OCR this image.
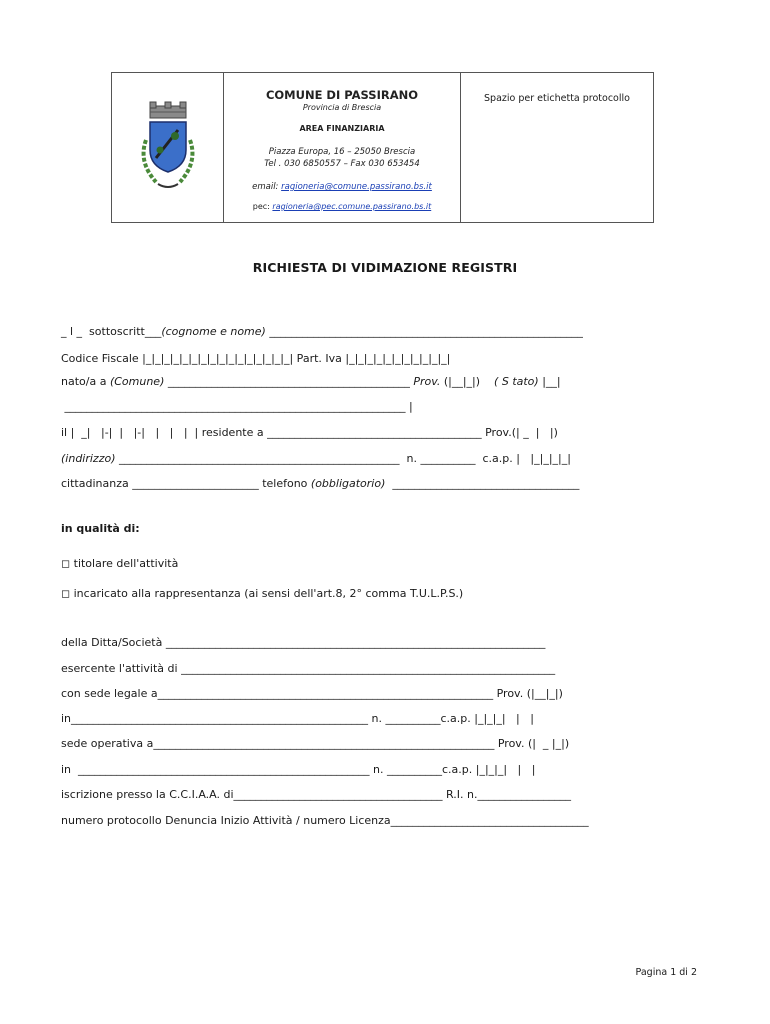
COMUNE DI PASSIRANO
Provincia di Brescia
AREA FINANZIARIA
Piazza Europa, 16 – 25050 Brescia
Tel . 030 6850557 – Fax 030 653454
email: ragioneria@comune.passirano.bs.it
pec: ragioneria@pec.comune.passirano.bs.it
Spazio per etichetta protocollo
RICHIESTA DI VIDIMAZIONE REGISTRI
_ l _  sottoscritt___(cognome e nome) _________________________________________________________
Codice Fiscale |_|_|_|_|_|_|_|_|_|_|_|_|_|_|_|_| Part. Iva |_|_|_|_|_|_|_|_|_|_|_|
nato/a a (Comune) ____________________________________________ Prov. (|__|_|)    ( S tato) |__|
______________________________________________________________ |
il |  _|   |-|  |   |-|   |   |   |  | residente a _______________________________________ Prov.(| _  |   |)
(indirizzo) ___________________________________________________  n. __________  c.a.p. |   |_|_|_|_|
cittadinanza _______________________ telefono (obbligatorio)  __________________________________
in qualità di:
◻ titolare dell'attività
◻ incaricato alla rappresentanza (ai sensi dell'art.8, 2° comma T.U.L.P.S.)
della Ditta/Società _____________________________________________________________________
esercente l'attività di ____________________________________________________________________
con sede legale a_____________________________________________________________ Prov. (|__|_|)
in______________________________________________________ n. __________c.a.p. |_|_|_|   |   |
sede operativa a______________________________________________________________ Prov. (|  _ |_|)
in  _____________________________________________________ n. __________c.a.p. |_|_|_|   |   |
iscrizione presso la C.C.I.A.A. di______________________________________ R.I. n._________________
numero protocollo Denuncia Inizio Attività / numero Licenza____________________________________
Pagina 1 di 2
